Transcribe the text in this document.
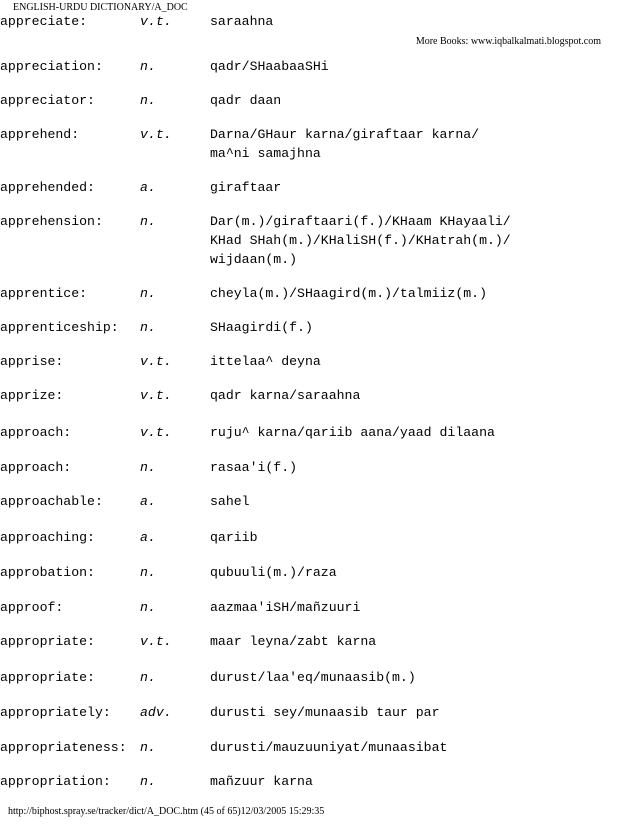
ENGLISH-URDU DICTIONARY/A_DOC
More Books: www.iqbalkalmati.blogspot.com
appreciate:	v.t.	saraahna
appreciation:	n.	qadr/SHaabaaSHi
appreciator:	n.	qadr daan
apprehend:	v.t.	Darna/GHaur karna/giraftaar karna/
ma^ni samajhna
apprehended:	a.	giraftaar
apprehension:	n.	Dar(m.)/giraftaari(f.)/KHaam KHayaali/
KHad SHah(m.)/KHaliSH(f.)/KHatrah(m.)/
wijdaan(m.)
apprentice:	n.	cheyla(m.)/SHaagird(m.)/talmiiz(m.)
apprenticeship: n.	SHaagirdi(f.)
apprise:	v.t.	ittelaa^ deyna
apprize:	v.t.	qadr karna/saraahna
approach:	v.t.	ruju^ karna/qariib aana/yaad dilaana
approach:	n.	rasaa'i(f.)
approachable:	a.	sahel
approaching:	a.	qariib
approbation:	n.	qubuuli(m.)/raza
approof:	n.	aazmaa'iSH/mañzuuri
appropriate:	v.t.	maar leyna/zabt karna
appropriate:	n.	durust/laa'eq/munaasib(m.)
appropriately: adv.	durusti sey/munaasib taur par
appropriateness: n.	durusti/mauzuuniyat/munaasibat
appropriation: n.	mañzuur karna
http://biphost.spray.se/tracker/dict/A_DOC.htm (45 of 65)12/03/2005 15:29:35
